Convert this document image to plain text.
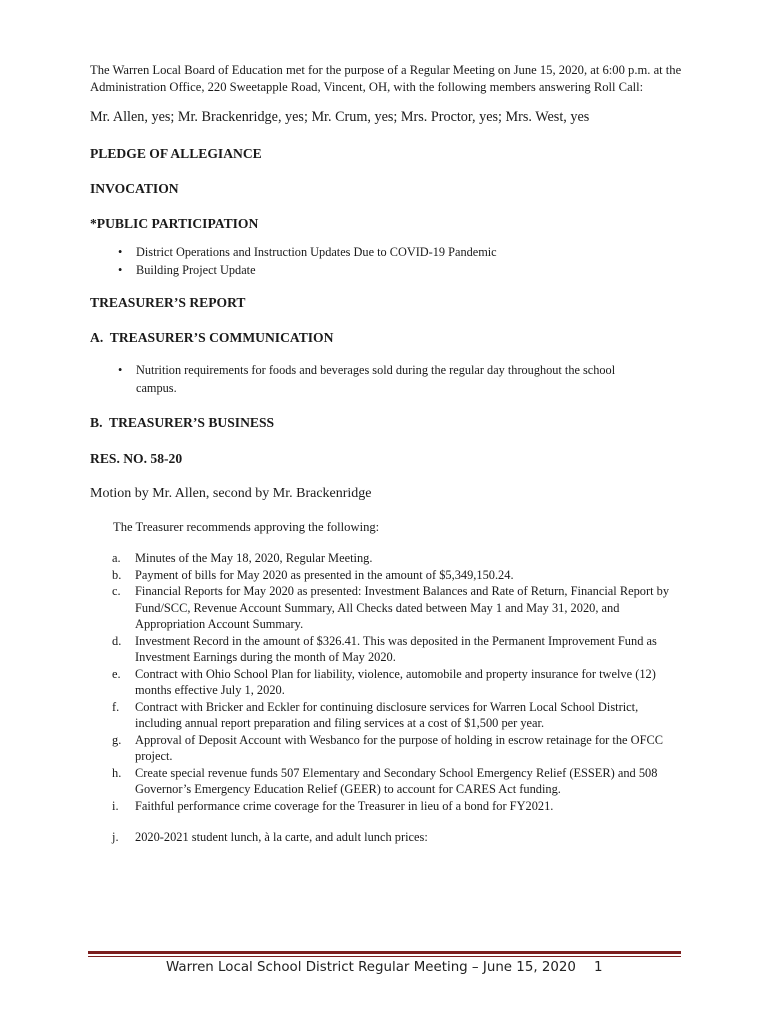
The Warren Local Board of Education met for the purpose of a Regular Meeting on June 15, 2020, at 6:00 p.m. at the Administration Office, 220 Sweetapple Road, Vincent, OH, with the following members answering Roll Call:

Mr. Allen, yes; Mr. Brackenridge, yes; Mr. Crum, yes; Mrs. Proctor, yes; Mrs. West, yes

PLEDGE OF ALLEGIANCE
INVOCATION
*PUBLIC PARTICIPATION
• District Operations and Instruction Updates Due to COVID-19 Pandemic
• Building Project Update
TREASURER’S REPORT
A.  TREASURER’S COMMUNICATION
• Nutrition requirements for foods and beverages sold during the regular day throughout the school campus.
B.  TREASURER’S BUSINESS
RES. NO. 58-20

Motion by Mr. Allen, second by Mr. Brackenridge

The Treasurer recommends approving the following:

a. Minutes of the May 18, 2020, Regular Meeting.
b. Payment of bills for May 2020 as presented in the amount of $5,349,150.24.
c. Financial Reports for May 2020 as presented: Investment Balances and Rate of Return, Financial Report by Fund/SCC, Revenue Account Summary, All Checks dated between May 1 and May 31, 2020, and Appropriation Account Summary.
d. Investment Record in the amount of $326.41. This was deposited in the Permanent Improvement Fund as Investment Earnings during the month of May 2020.
e. Contract with Ohio School Plan for liability, violence, automobile and property insurance for twelve (12) months effective July 1, 2020.
f. Contract with Bricker and Eckler for continuing disclosure services for Warren Local School District, including annual report preparation and filing services at a cost of $1,500 per year.
g. Approval of Deposit Account with Wesbanco for the purpose of holding in escrow retainage for the OFCC project.
h. Create special revenue funds 507 Elementary and Secondary School Emergency Relief (ESSER) and 508 Governor’s Emergency Education Relief (GEER) to account for CARES Act funding.
i. Faithful performance crime coverage for the Treasurer in lieu of a bond for FY2021.
j. 2020-2021 student lunch, à la carte, and adult lunch prices:
Warren Local School District Regular Meeting – June 15, 2020 1
